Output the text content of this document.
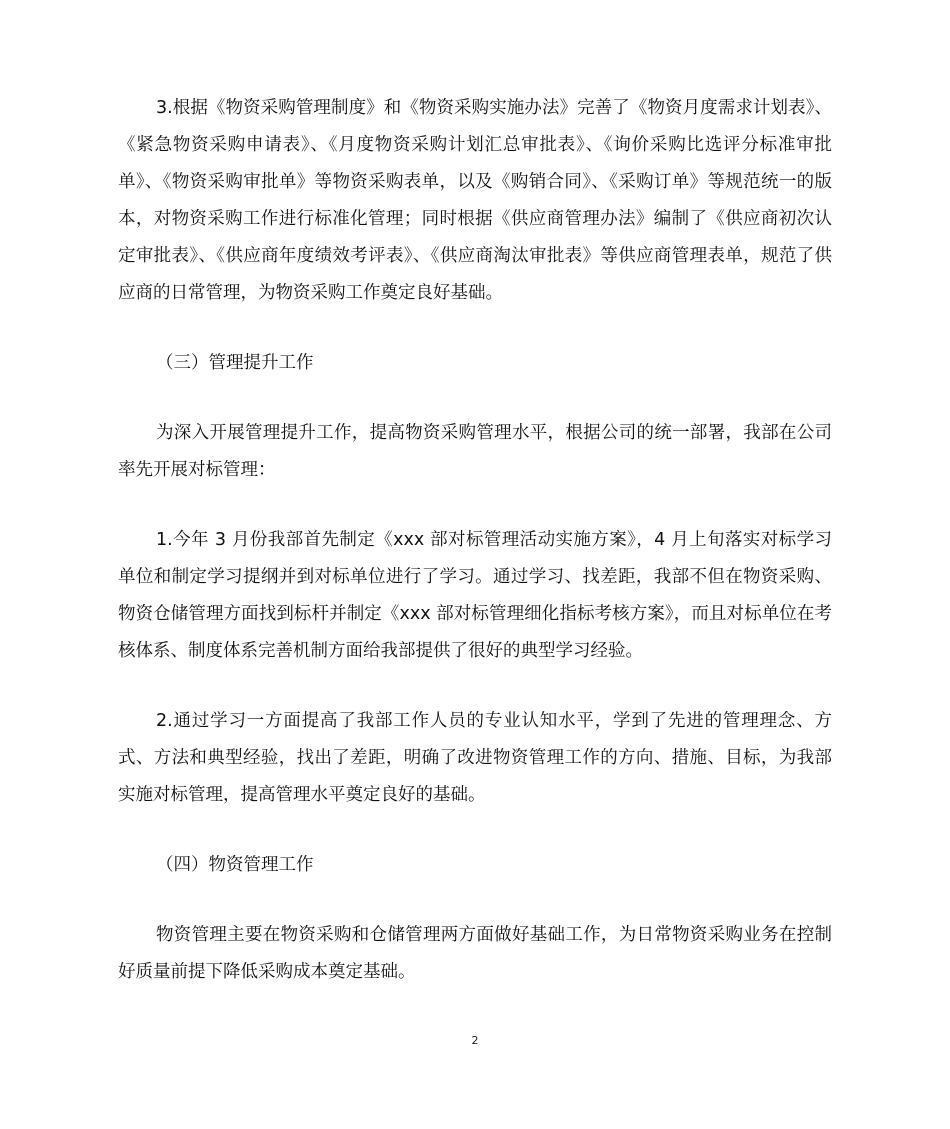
3.根据《物资采购管理制度》和《物资采购实施办法》完善了《物资月度需求计划表》、《紧急物资采购申请表》、《月度物资采购计划汇总审批表》、《询价采购比选评分标准审批单》、《物资采购审批单》等物资采购表单，以及《购销合同》、《采购订单》等规范统一的版本，对物资采购工作进行标准化管理；同时根据《供应商管理办法》编制了《供应商初次认定审批表》、《供应商年度绩效考评表》、《供应商淘汰审批表》等供应商管理表单，规范了供应商的日常管理，为物资采购工作奠定良好基础。

（三）管理提升工作

为深入开展管理提升工作，提高物资采购管理水平，根据公司的统一部署，我部在公司率先开展对标管理：

1.今年 3 月份我部首先制定《xxx 部对标管理活动实施方案》，4 月上旬落实对标学习单位和制定学习提纲并到对标单位进行了学习。通过学习、找差距，我部不但在物资采购、物资仓储管理方面找到标杆并制定《xxx 部对标管理细化指标考核方案》，而且对标单位在考核体系、制度体系完善机制方面给我部提供了很好的典型学习经验。

2.通过学习一方面提高了我部工作人员的专业认知水平，学到了先进的管理理念、方式、方法和典型经验，找出了差距，明确了改进物资管理工作的方向、措施、目标，为我部实施对标管理，提高管理水平奠定良好的基础。

（四）物资管理工作

物资管理主要在物资采购和仓储管理两方面做好基础工作，为日常物资采购业务在控制好质量前提下降低采购成本奠定基础。

2
